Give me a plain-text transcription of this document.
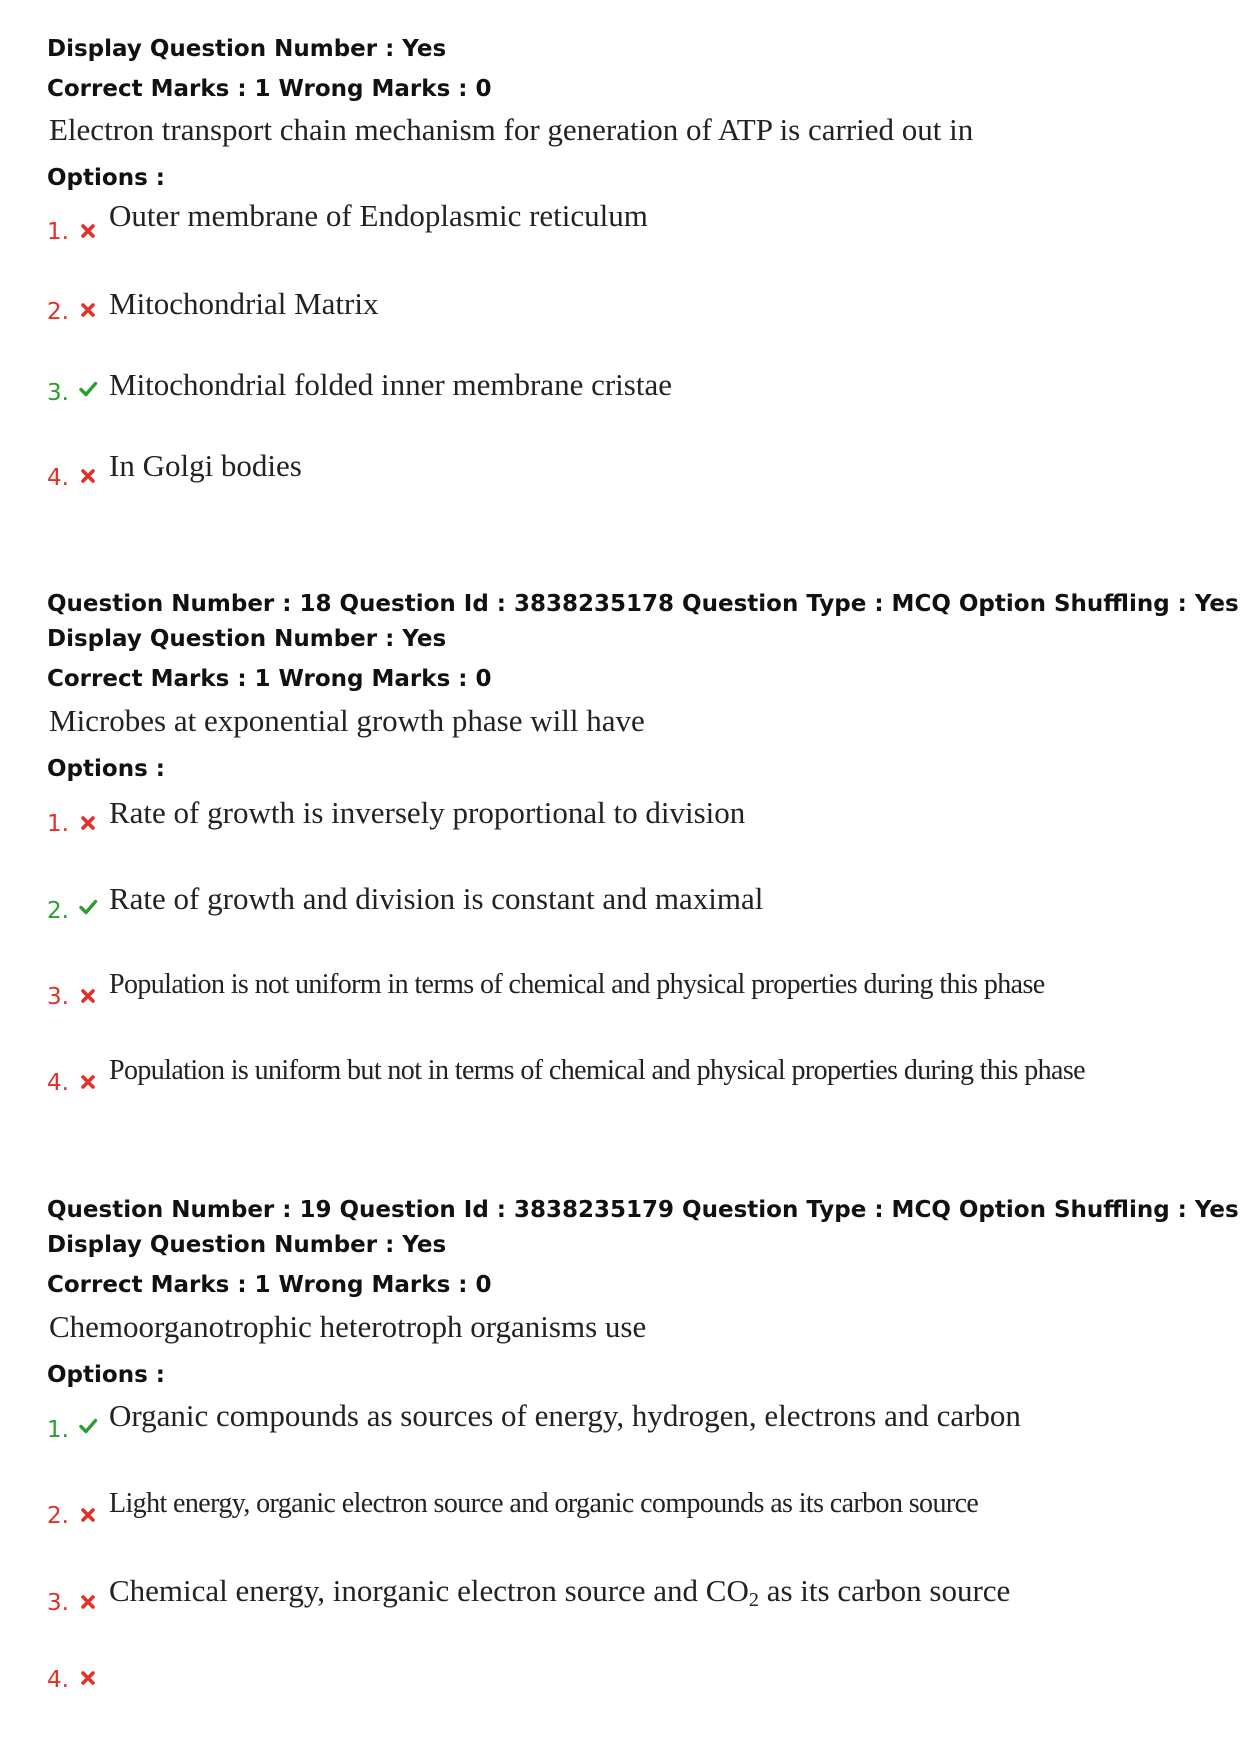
Display Question Number : Yes
Correct Marks : 1 Wrong Marks : 0
Electron transport chain mechanism for generation of ATP is carried out in
Options :
1. Outer membrane of Endoplasmic reticulum
2. Mitochondrial Matrix
3. Mitochondrial folded inner membrane cristae
4. In Golgi bodies
Question Number : 18 Question Id : 3838235178 Question Type : MCQ Option Shuffling : Yes
Display Question Number : Yes
Correct Marks : 1 Wrong Marks : 0
Microbes at exponential growth phase will have
Options :
1. Rate of growth is inversely proportional to division
2. Rate of growth and division is constant and maximal
3. Population is not uniform in terms of chemical and physical properties during this phase
4. Population is uniform but not in terms of chemical and physical properties during this phase
Question Number : 19 Question Id : 3838235179 Question Type : MCQ Option Shuffling : Yes
Display Question Number : Yes
Correct Marks : 1 Wrong Marks : 0
Chemoorganotrophic heterotroph organisms use
Options :
1. Organic compounds as sources of energy, hydrogen, electrons and carbon
2. Light energy, organic electron source and organic compounds as its carbon source
3. Chemical energy, inorganic electron source and $CO_2$ as its carbon source
4.
